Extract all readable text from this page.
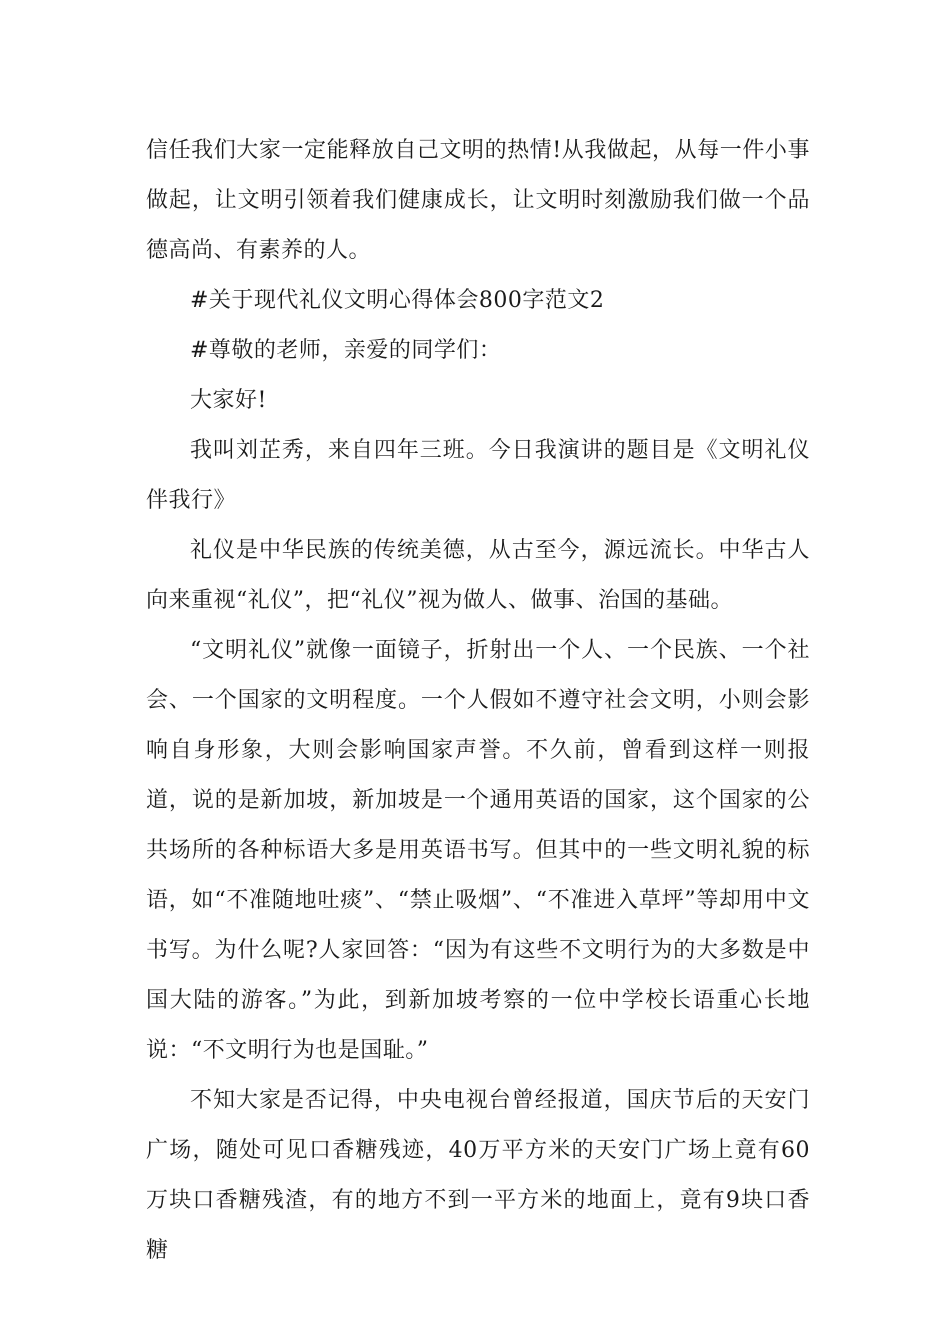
信任我们大家一定能释放自己文明的热情!从我做起，从每一件小事做起，让文明引领着我们健康成长，让文明时刻激励我们做一个品德高尚、有素养的人。

#关于现代礼仪文明心得体会800字范文2

#尊敬的老师，亲爱的同学们：

大家好!

我叫刘芷秀，来自四年三班。今日我演讲的题目是《文明礼仪伴我行》

礼仪是中华民族的传统美德，从古至今，源远流长。中华古人向来重视“礼仪”，把“礼仪”视为做人、做事、治国的基础。

“文明礼仪”就像一面镜子，折射出一个人、一个民族、一个社会、一个国家的文明程度。一个人假如不遵守社会文明，小则会影响自身形象，大则会影响国家声誉。不久前，曾看到这样一则报道，说的是新加坡，新加坡是一个通用英语的国家，这个国家的公共场所的各种标语大多是用英语书写。但其中的一些文明礼貌的标语，如“不准随地吐痰”、“禁止吸烟”、“不准进入草坪”等却用中文书写。为什么呢?人家回答：“因为有这些不文明行为的大多数是中国大陆的游客。”为此，到新加坡考察的一位中学校长语重心长地说：“不文明行为也是国耻。”

不知大家是否记得，中央电视台曾经报道，国庆节后的天安门广场，随处可见口香糖残迹，40万平方米的天安门广场上竟有60万块口香糖残渣，有的地方不到一平方米的地面上，竟有9块口香糖
